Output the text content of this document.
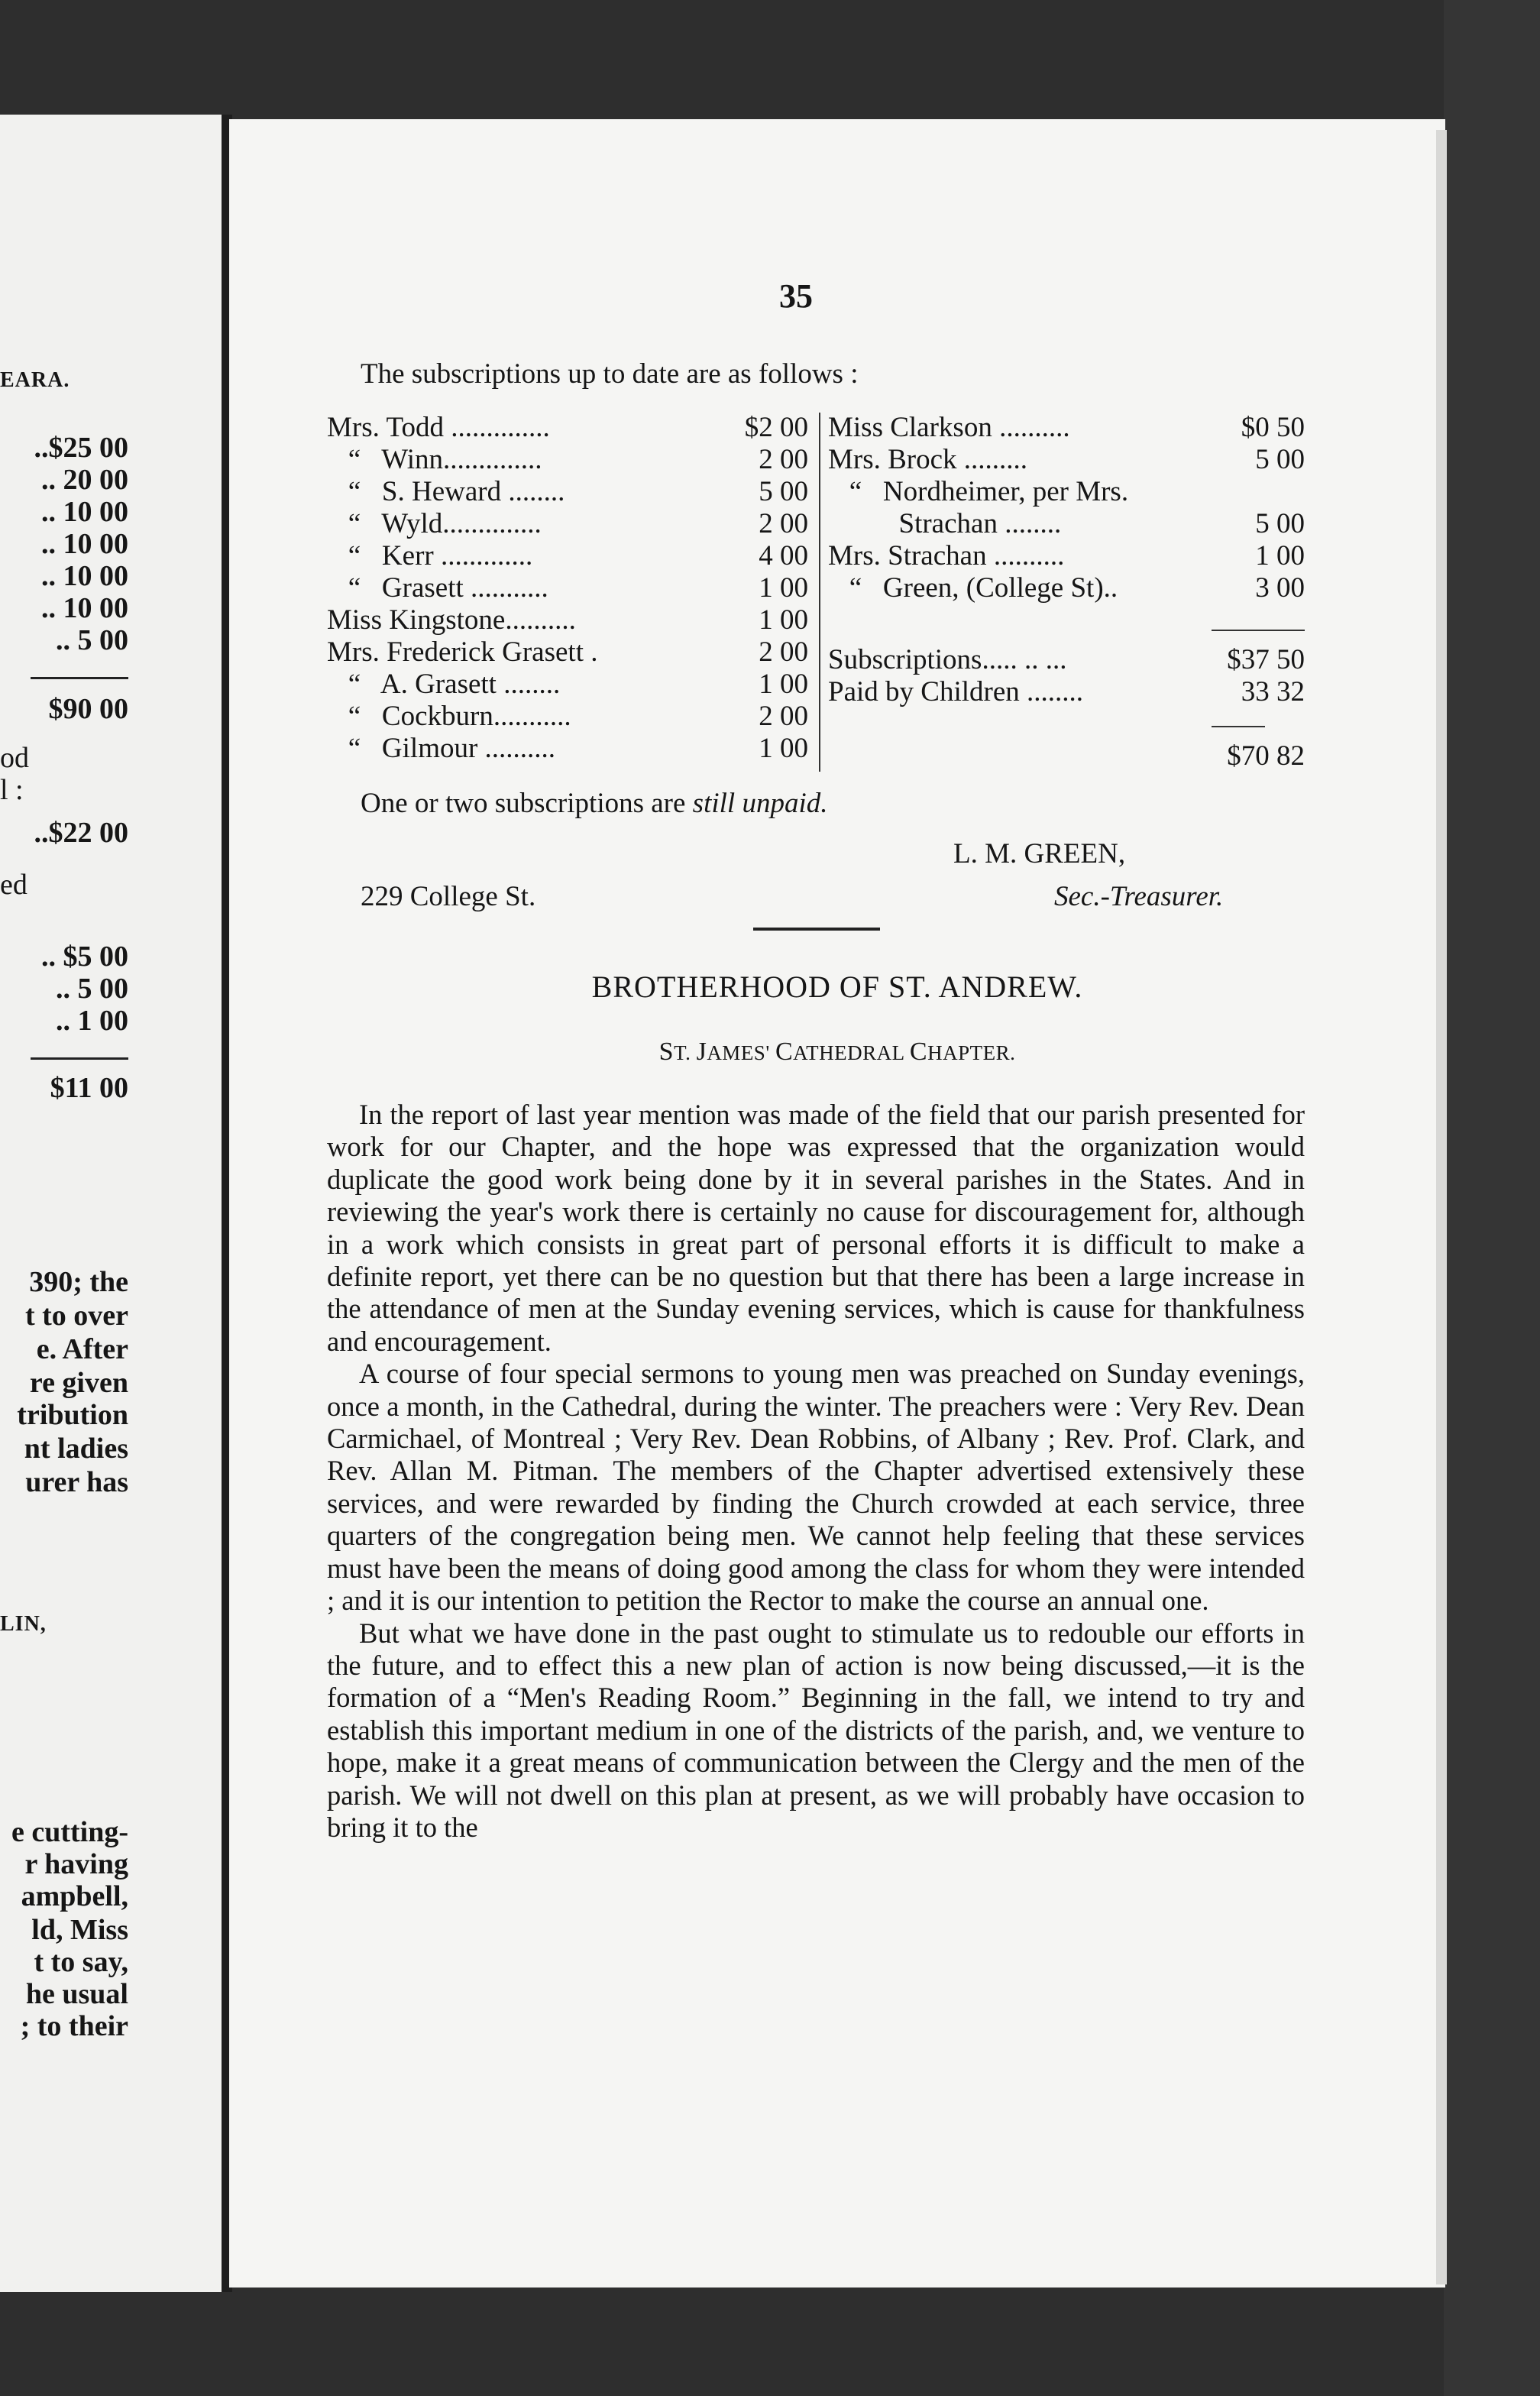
EARA.
..$25 00
.. 20 00
.. 10 00
.. 10 00
.. 10 00
.. 10 00
.. 5 00
$90 00
od
l :
..$22 00
ed
.. $5 00
.. 5 00
.. 1 00
$11 00
390; the
t to over
e. After
re given
tribution
nt ladies
urer has
LIN,
e cutting-
r having
ampbell,
ld, Miss
t to say,
he usual
; to their
35
The subscriptions up to date are as follows :
Mrs. Todd ..............	$2 00
“   Winn..............	2 00
“   S. Heward ........	5 00
“   Wyld..............	2 00
“   Kerr .............	4 00
“   Grasett ...........	1 00
Miss Kingstone..........	1 00
Mrs. Frederick Grasett .	2 00
“   A. Grasett ........	1 00
“   Cockburn...........	2 00
“   Gilmour ..........	1 00
Miss Clarkson ..........	$0 50
Mrs. Brock .........	5 00
“   Nordheimer, per Mrs.
Strachan ........	5 00
Mrs. Strachan ..........	1 00
“   Green, (College St)..	3 00
Subscriptions..... .. ...	$37 50
Paid by Children ........	33 32
$70 82
One or two subscriptions are still unpaid.
L. M. GREEN,
229 College St.	Sec.-Treasurer.
BROTHERHOOD OF ST. ANDREW.
ST. JAMES' CATHEDRAL CHAPTER.

In the report of last year mention was made of the field that our parish presented for work for our Chapter, and the hope was expressed that the organization would duplicate the good work being done by it in several parishes in the States. And in reviewing the year's work there is certainly no cause for discouragement for, although in a work which consists in great part of personal efforts it is difficult to make a definite report, yet there can be no question but that there has been a large increase in the attendance of men at the Sunday evening services, which is cause for thankfulness and encouragement.

A course of four special sermons to young men was preached on Sunday evenings, once a month, in the Cathedral, during the winter. The preachers were : Very Rev. Dean Carmichael, of Montreal ; Very Rev. Dean Robbins, of Albany ; Rev. Prof. Clark, and Rev. Allan M. Pitman. The members of the Chapter advertised extensively these services, and were rewarded by finding the Church crowded at each service, three quarters of the congregation being men. We cannot help feeling that these services must have been the means of doing good among the class for whom they were intended ; and it is our intention to petition the Rector to make the course an annual one.

But what we have done in the past ought to stimulate us to redouble our efforts in the future, and to effect this a new plan of action is now being discussed,—it is the formation of a “Men's Reading Room.” Beginning in the fall, we intend to try and establish this important medium in one of the districts of the parish, and, we venture to hope, make it a great means of communication between the Clergy and the men of the parish. We will not dwell on this plan at present, as we will probably have occasion to bring it to the
